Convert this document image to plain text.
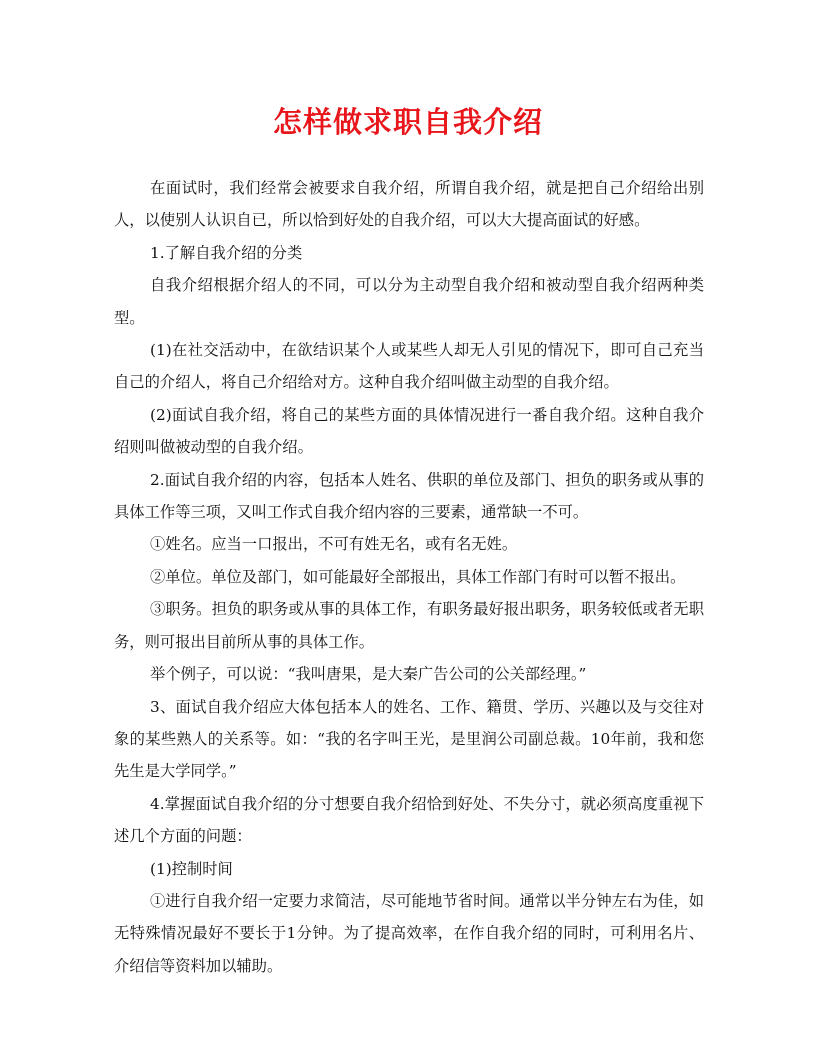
怎样做求职自我介绍

在面试时，我们经常会被要求自我介绍，所谓自我介绍，就是把自己介绍给出别人，以使别人认识自已，所以恰到好处的自我介绍，可以大大提高面试的好感。

1.了解自我介绍的分类

自我介绍根据介绍人的不同，可以分为主动型自我介绍和被动型自我介绍两种类型。

(1)在社交活动中，在欲结识某个人或某些人却无人引见的情况下，即可自己充当自己的介绍人，将自己介绍给对方。这种自我介绍叫做主动型的自我介绍。

(2)面试自我介绍，将自己的某些方面的具体情况进行一番自我介绍。这种自我介绍则叫做被动型的自我介绍。

2.面试自我介绍的内容，包括本人姓名、供职的单位及部门、担负的职务或从事的具体工作等三项，又叫工作式自我介绍内容的三要素，通常缺一不可。

①姓名。应当一口报出，不可有姓无名，或有名无姓。

②单位。单位及部门，如可能最好全部报出，具体工作部门有时可以暂不报出。

③职务。担负的职务或从事的具体工作，有职务最好报出职务，职务较低或者无职务，则可报出目前所从事的具体工作。

举个例子，可以说：“我叫唐果，是大秦广告公司的公关部经理。”

3、面试自我介绍应大体包括本人的姓名、工作、籍贯、学历、兴趣以及与交往对象的某些熟人的关系等。如：“我的名字叫王光，是里润公司副总裁。10年前，我和您先生是大学同学。”

4.掌握面试自我介绍的分寸想要自我介绍恰到好处、不失分寸，就必须高度重视下述几个方面的问题：

(1)控制时间

①进行自我介绍一定要力求简洁，尽可能地节省时间。通常以半分钟左右为佳，如无特殊情况最好不要长于1分钟。为了提高效率，在作自我介绍的同时，可利用名片、介绍信等资料加以辅助。
